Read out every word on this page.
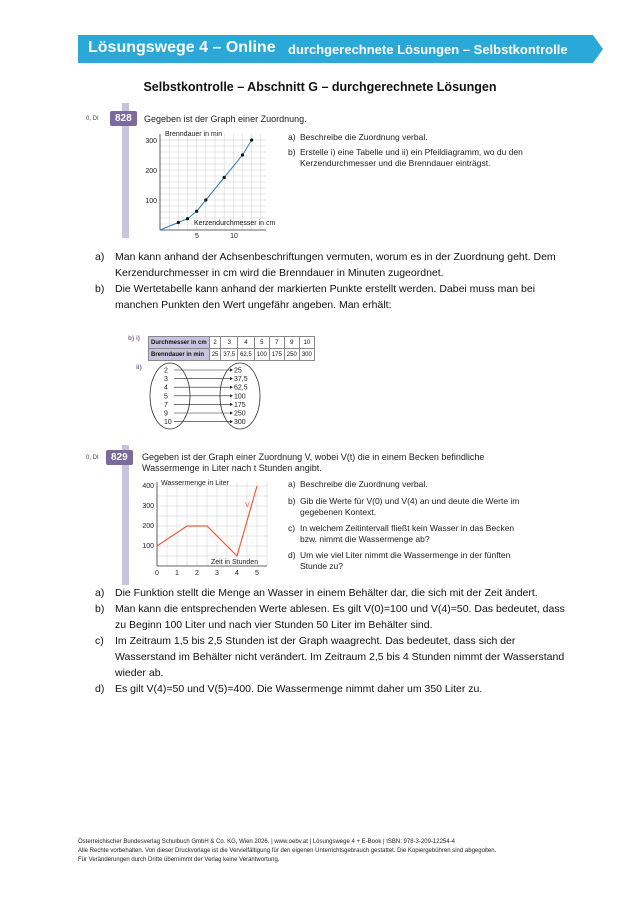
Lösungswege 4 – Online durchgerechnete Lösungen – Selbstkontrolle
Selbstkontrolle – Abschnitt G – durchgerechnete Lösungen
0, DI	828	Gegeben ist der Graph einer Zuordnung.
Brenndauer in min
Kerzendurchmesser in cm
100
200
300
5	10
a) Beschreibe die Zuordnung verbal.
b) Erstelle i) eine Tabelle und ii) ein Pfeildiagramm, wo du den Kerzendurchmesser und die Brenndauer einträgst.
a) Man kann anhand der Achsenbeschriftungen vermuten, worum es in der Zuordnung geht. Dem Kerzendurchmesser in cm wird die Brenndauer in Minuten zugeordnet.
b) Die Wertetabelle kann anhand der markierten Punkte erstellt werden. Dabei muss man bei manchen Punkten den Wert ungefähr angeben. Man erhält:
b) i)
Durchmesser in cm	2	3	4	5	7	9	10
Brenndauer in min	25	37,5	62,5	100	175	250	300
ii)	2	25
3	37,5
4	62,5
5	100
7	175
9	250
10	300
0, DI	829	Gegeben ist der Graph einer Zuordnung V, wobei V(t) die in einem Becken befindliche Wassermenge in Liter nach t Stunden angibt.
Wassermenge in Liter
Zeit in Stunden
V
100
200
300
400
0 1 2 3 4 5
a) Beschreibe die Zuordnung verbal.
b) Gib die Werte für V(0) und V(4) an und deute die Werte im gegebenen Kontext.
c) In welchem Zeitintervall fließt kein Wasser in das Becken bzw. nimmt die Wassermenge ab?
d) Um wie viel Liter nimmt die Wassermenge in der fünften Stunde zu?
a) Die Funktion stellt die Menge an Wasser in einem Behälter dar, die sich mit der Zeit ändert.
b) Man kann die entsprechenden Werte ablesen. Es gilt V(0)=100 und V(4)=50. Das bedeutet, dass zu Beginn 100 Liter und nach vier Stunden 50 Liter im Behälter sind.
c) Im Zeitraum 1,5 bis 2,5 Stunden ist der Graph waagrecht. Das bedeutet, dass sich der Wasserstand im Behälter nicht verändert. Im Zeitraum 2,5 bis 4 Stunden nimmt der Wasserstand wieder ab.
d) Es gilt V(4)=50 und V(5)=400. Die Wassermenge nimmt daher um 350 Liter zu.
Österreichischer Bundesverlag Schulbuch GmbH & Co. KG, Wien 2026. | www.oebv.at | Lösungswege 4 + E-Book | ISBN: 978-3-209-12254-4
Alle Rechte vorbehalten. Von dieser Druckvorlage ist die Vervielfältigung für den eigenen Unterrichtsgebrauch gestattet. Die Kopiergebühren sind abgegolten.
Für Veränderungen durch Dritte übernimmt der Verlag keine Verantwortung.
